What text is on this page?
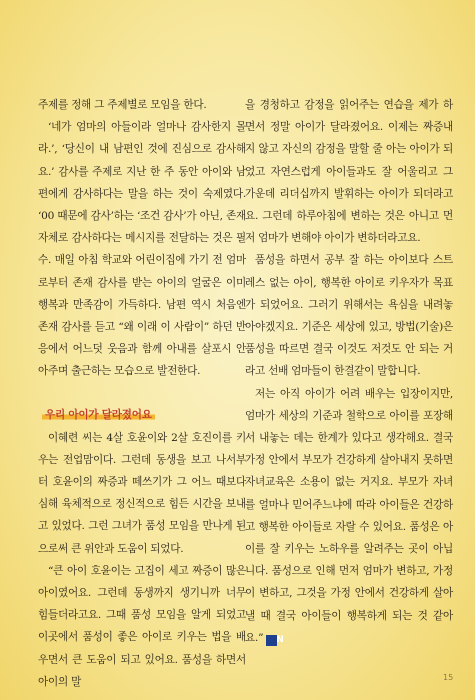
주제를 정해 그 주제별로 모임을 한다.

‘네가 엄마의 아들이라 얼마나 감사한지 몰라.’, ‘당신이 내 남편인 것에 진심으로 감사해요.’ 감사를 주제로 지난 한 주 동안 아이와 남편에게 감사하다는 말을 하는 것이 숙제였다. ‘00 때문에 감사’하는 ‘조건 감사’가 아닌, 존재 자체로 감사하다는 메시지를 전달하는 것은 필수. 매일 아침 학교와 어린이집에 가기 전 엄마로부터 존재 감사를 받는 아이의 얼굴은 이미 행복과 만족감이 가득하다. 남편 역시 처음엔 존재 감사를 듣고 “왜 이래 이 사람이” 하던 반응에서 어느덧 웃음과 함께 아내를 살포시 안아주며 출근하는 모습으로 발전한다.

우리 아이가 달라졌어요

이혜련 씨는 4살 호윤이와 2살 호진이를 키우는 전업맘이다. 그런데 동생을 보고 나서부터 호윤이의 짜증과 떼쓰기가 그 어느 때보다 심해 육체적으로 정신적으로 힘든 시간을 보내고 있었다. 그런 그녀가 품성 모임을 만나게 된으로써 큰 위안과 도움이 되었다.

“큰 아이 호윤이는 고집이 세고 짜증이 많은 아이였어요. 그런데 동생까지 생기니까 너무 힘들더라고요. 그때 품성 모임을 알게 되었고 이곳에서 품성이 좋은 아이로 키우는 법을 배우면서 큰 도움이 되고 있어요. 품성을 하면서 아이의 말

을 경청하고 감정을 읽어주는 연습을 제가 하면서 정말 아이가 달라졌어요. 이제는 짜증내지 않고 자신의 감정을 말할 줄 아는 아이가 되었고 자연스럽게 아이들과도 잘 어울리고 그 가운데 리더십까지 발휘하는 아이가 되더라고요. 그런데 하루아침에 변하는 것은 아니고 먼저 엄마가 변해야 아이가 변하더라고요.

품성을 하면서 공부 잘 하는 아이보다 스트레스 없는 아이, 행복한 아이로 키우자가 목표가 되었어요. 그러기 위해서는 욕심을 내려놓아야겠지요. 기준은 세상에 있고, 방법(기술)은 품성을 따르면 결국 이것도 저것도 안 되는 거라고 선배 엄마들이 한결같이 말합니다.

저는 아직 아이가 어려 배우는 입장이지만, 엄마가 세상의 기준과 철학으로 아이를 포장해서 내놓는 데는 한계가 있다고 생각해요. 결국 가정 안에서 부모가 건강하게 살아내지 못하면 자녀교육은 소용이 없는 거지요. 부모가 자녀를 얼마나 믿어주느냐에 따라 아이들은 건강하고 행복한 아이들로 자랄 수 있어요. 품성은 아이를 잘 키우는 노하우를 알려주는 곳이 아닙니다. 품성으로 인해 먼저 엄마가 변하고, 가정이 변하고, 그것을 가정 안에서 건강하게 살아낼 때 결국 아이들이 행복하게 되는 것 같아요.” N

15
